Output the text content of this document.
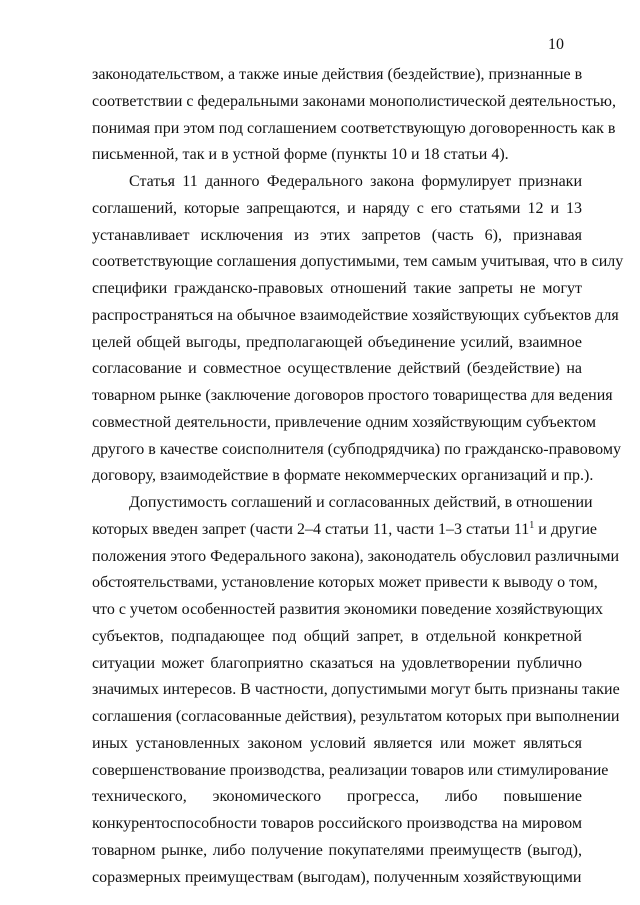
10
законодательством, а также иные действия (бездействие), признанные в
соответствии с федеральными законами монополистической деятельностью,
понимая при этом под соглашением соответствующую договоренность как в
письменной, так и в устной форме (пункты 10 и 18 статьи 4).
Статья 11 данного Федерального закона формулирует признаки
соглашений, которые запрещаются, и наряду с его статьями 12 и 13
устанавливает исключения из этих запретов (часть 6), признавая
соответствующие соглашения допустимыми, тем самым учитывая, что в силу
специфики гражданско-правовых отношений такие запреты не могут
распространяться на обычное взаимодействие хозяйствующих субъектов для
целей общей выгоды, предполагающей объединение усилий, взаимное
согласование и совместное осуществление действий (бездействие) на
товарном рынке (заключение договоров простого товарищества для ведения
совместной деятельности, привлечение одним хозяйствующим субъектом
другого в качестве соисполнителя (субподрядчика) по гражданско-правовому
договору, взаимодействие в формате некоммерческих организаций и пр.).
Допустимость соглашений и согласованных действий, в отношении
которых введен запрет (части 2–4 статьи 11, части 1–3 статьи $11^1$ и другие
положения этого Федерального закона), законодатель обусловил различными
обстоятельствами, установление которых может привести к выводу о том,
что с учетом особенностей развития экономики поведение хозяйствующих
субъектов, подпадающее под общий запрет, в отдельной конкретной
ситуации может благоприятно сказаться на удовлетворении публично
значимых интересов. В частности, допустимыми могут быть признаны такие
соглашения (согласованные действия), результатом которых при выполнении
иных установленных законом условий является или может являться
совершенствование производства, реализации товаров или стимулирование
технического, экономического прогресса, либо повышение
конкурентоспособности товаров российского производства на мировом
товарном рынке, либо получение покупателями преимуществ (выгод),
соразмерных преимуществам (выгодам), полученным хозяйствующими
